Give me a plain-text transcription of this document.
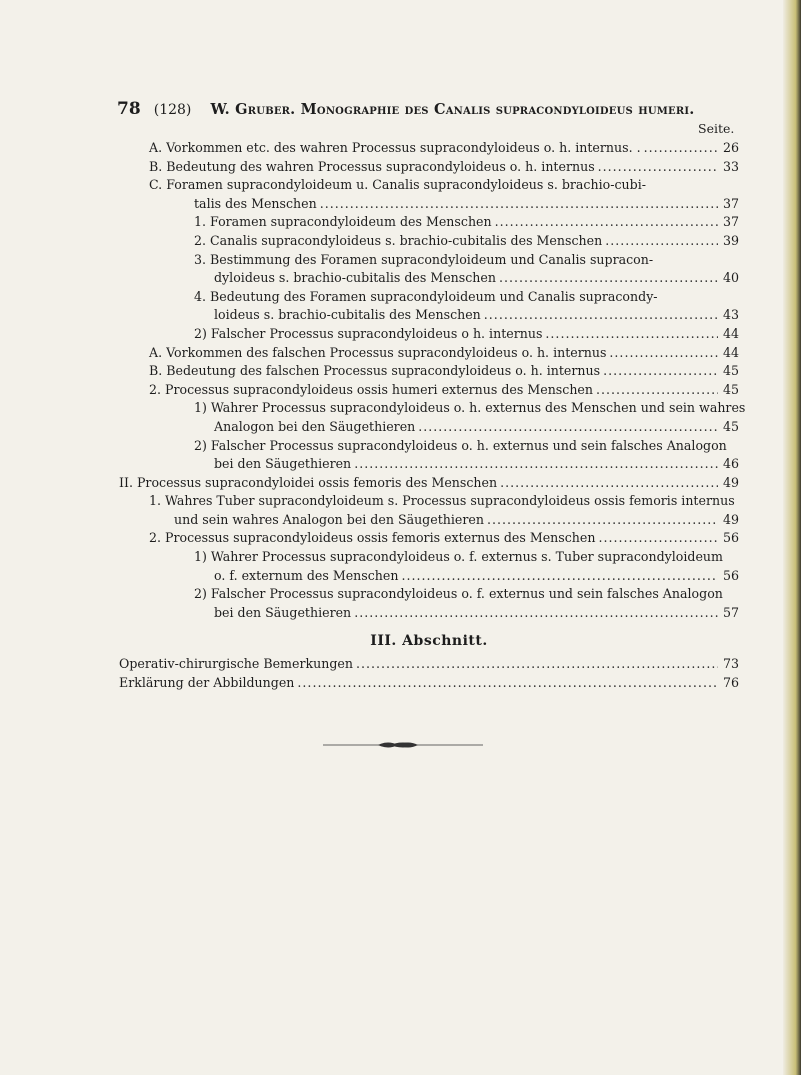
78 (128) W. Gruber. Monographie des Canalis supracondyloideus humeri.
Seite.
A. Vorkommen etc. des wahren Processus supracondyloideus o. h. internus. . . . .	26
B. Bedeutung des wahren Processus supracondyloideus o. h. internus . . .	33
C. Foramen supracondyloideum u. Canalis supracondyloideus s. brachio-cubi-
talis des Menschen . . .	37
1. Foramen supracondyloideum des Menschen . . .	37
2. Canalis supracondyloideus s. brachio-cubitalis des Menschen . . .	39
3. Bestimmung des Foramen supracondyloideum und Canalis supracon-
dyloideus s. brachio-cubitalis des Menschen . . .	40
4. Bedeutung des Foramen supracondyloideum und Canalis supracondy-
loideus s. brachio-cubitalis des Menschen . . .	43
2) Falscher Processus supracondyloideus o h. internus . . .	44
A. Vorkommen des falschen Processus supracondyloideus o. h. internus . . .	44
B. Bedeutung des falschen Processus supracondyloideus o. h. internus . . .	45
2. Processus supracondyloideus ossis humeri externus des Menschen . . .	45
1) Wahrer Processus supracondyloideus o. h. externus des Menschen und sein wahres
Analogon bei den Säugethieren . . .	45
2) Falscher Processus supracondyloideus o. h. externus und sein falsches Analogon
bei den Säugethieren . . .	46
II. Processus supracondyloidei ossis femoris des Menschen . . .	49
1. Wahres Tuber supracondyloideum s. Processus supracondyloideus ossis femoris internus
und sein wahres Analogon bei den Säugethieren . . .	49
2. Processus supracondyloideus ossis femoris externus des Menschen . . .	56
1) Wahrer Processus supracondyloideus o. f. externus s. Tuber supracondyloideum
o. f. externum des Menschen . . .	56
2) Falscher Processus supracondyloideus o. f. externus und sein falsches Analogon
bei den Säugethieren . . .	57
III. Abschnitt.
Operativ-chirurgische Bemerkungen . . .	73
Erklärung der Abbildungen . . .	76
